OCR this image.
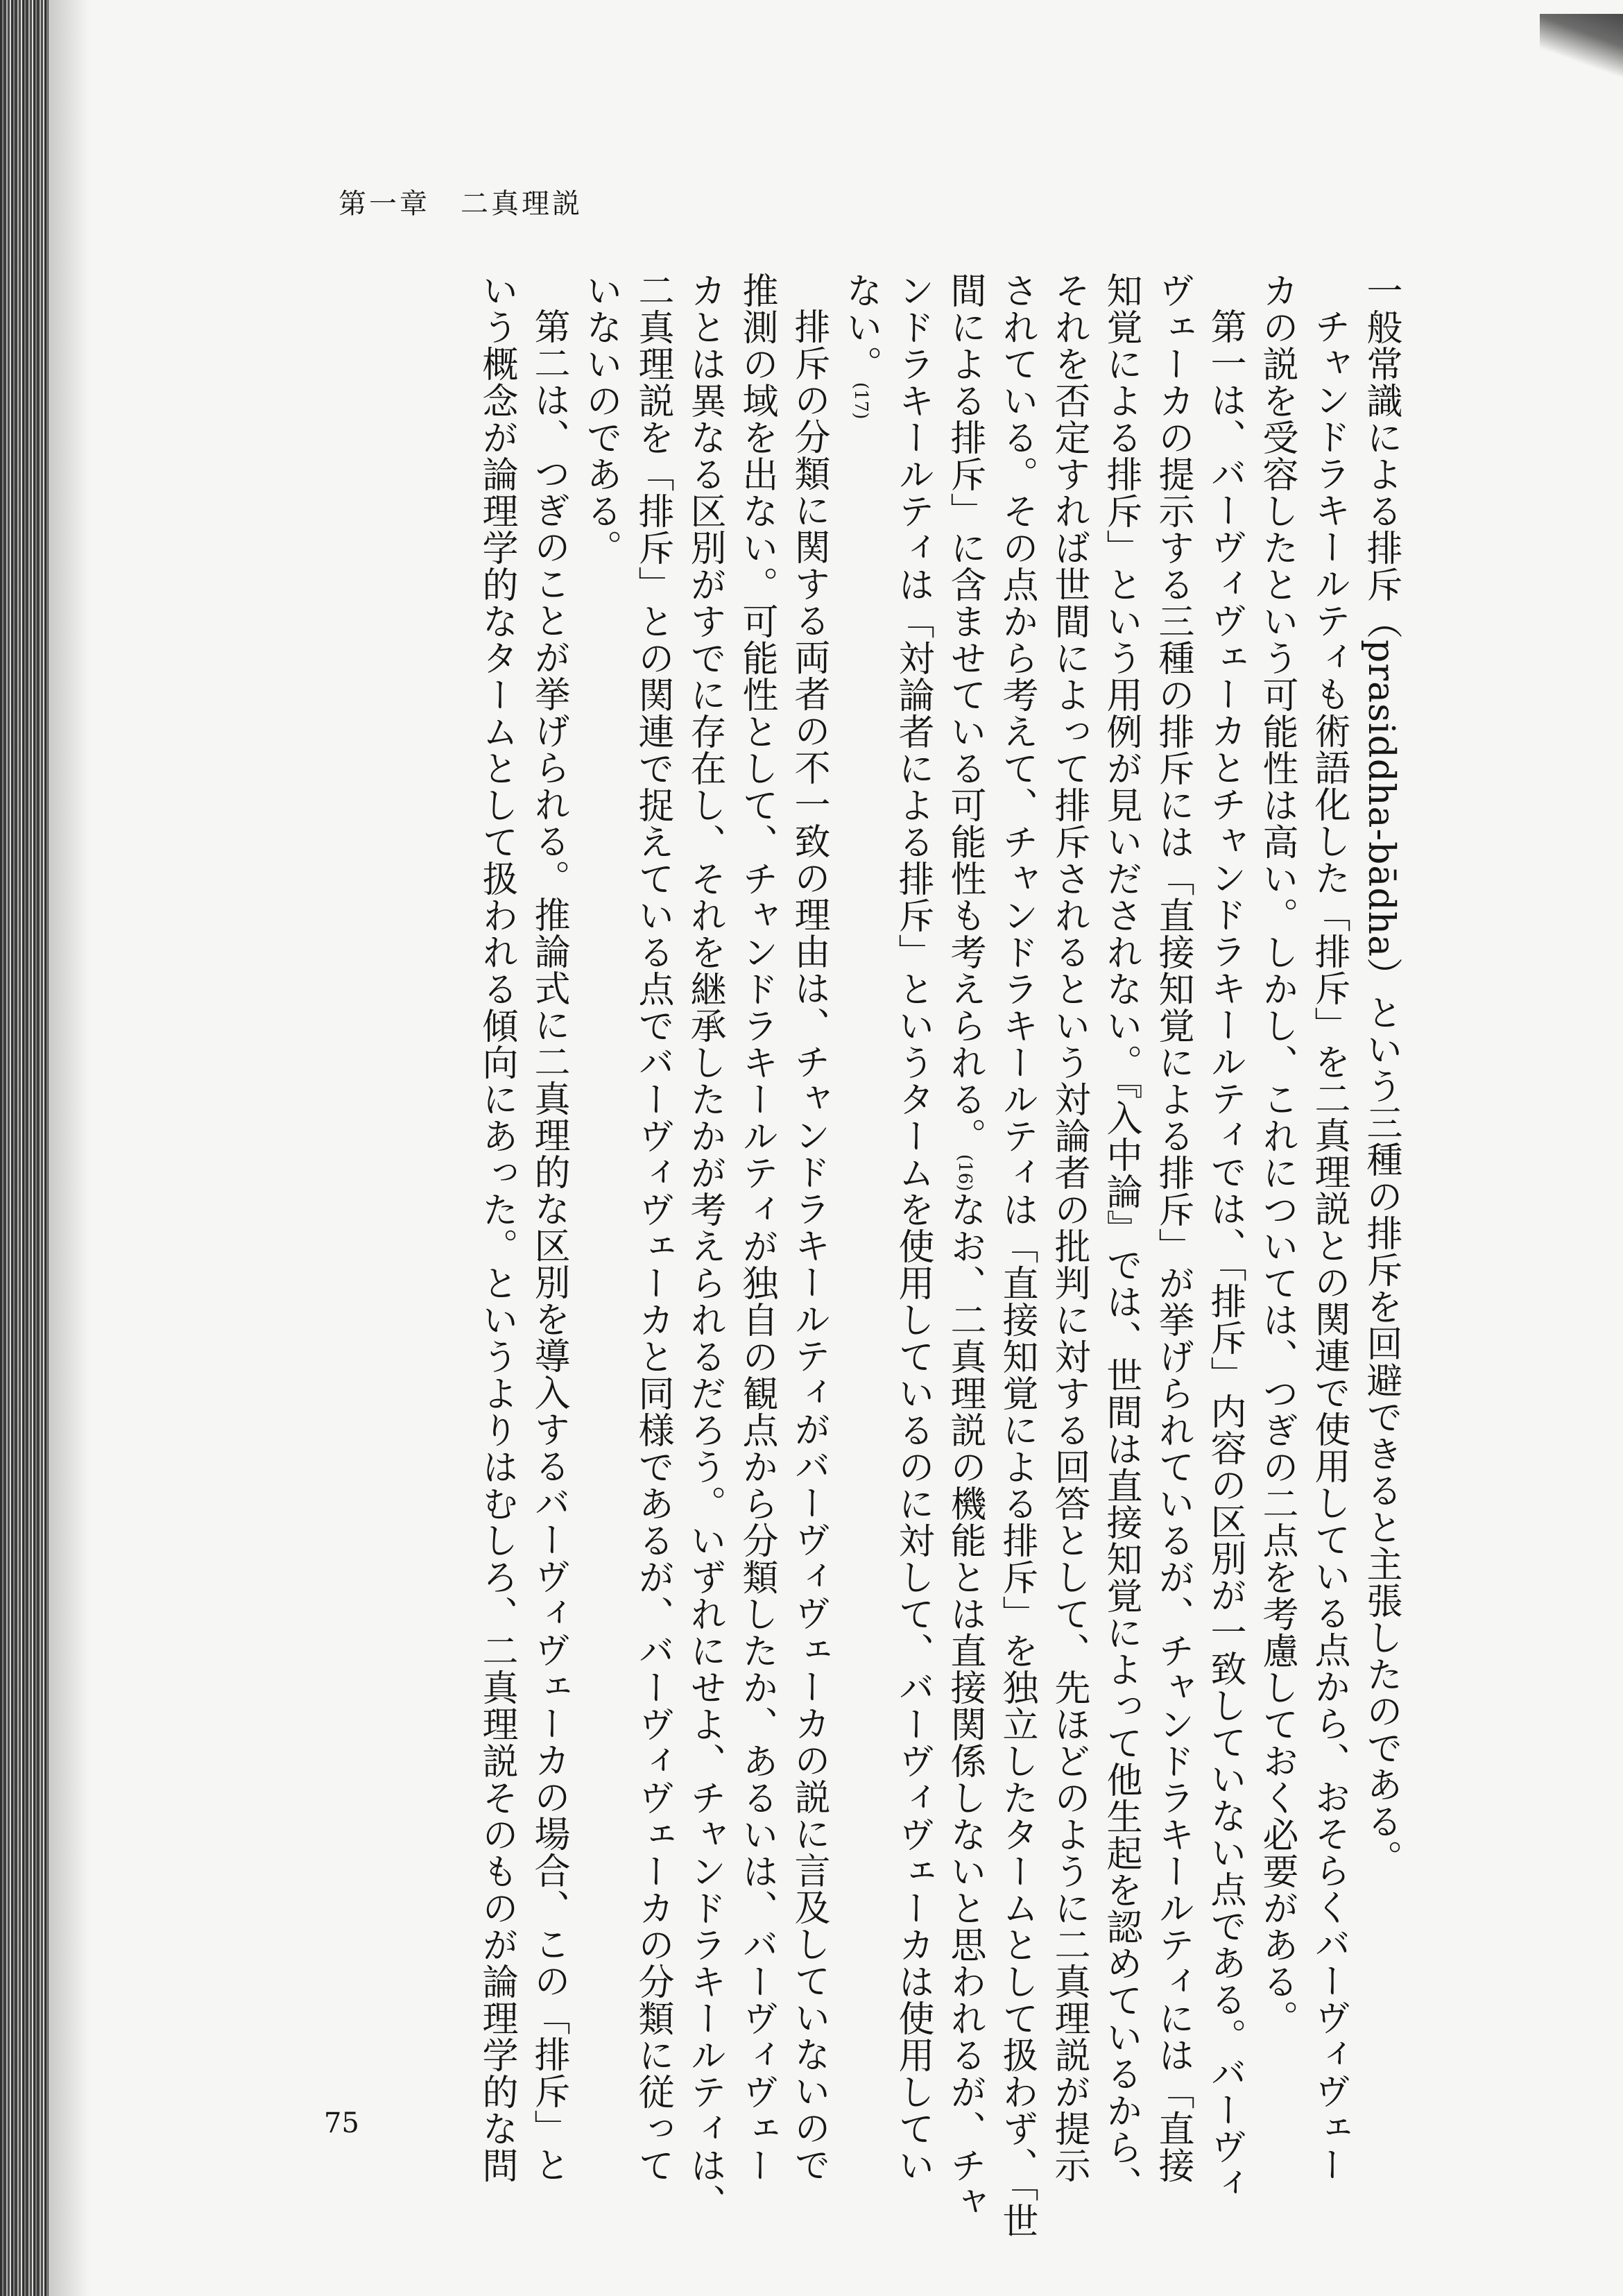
第一章　二真理説

一般常識による排斥（prasiddha-bādha）という三種の排斥を回避できると主張したのである。

チャンドラキールティも術語化した「排斥」を二真理説との関連で使用している点から、おそらくバーヴィヴェー

カの説を受容したという可能性は高い。しかし、これについては、つぎの二点を考慮しておく必要がある。

第一は、バーヴィヴェーカとチャンドラキールティでは、「排斥」内容の区別が一致していない点である。バーヴィ

ヴェーカの提示する三種の排斥には「直接知覚による排斥」が挙げられているが、チャンドラキールティには「直接

知覚による排斥」という用例が見いだされない。『入中論』では、世間は直接知覚によって他生起を認めているから、

それを否定すれば世間によって排斥されるという対論者の批判に対する回答として、先ほどのように二真理説が提示

されている。その点から考えて、チャンドラキールティは「直接知覚による排斥」を独立したタームとして扱わず、「世

間による排斥」に含ませている可能性も考えられる。(16)なお、二真理説の機能とは直接関係しないと思われるが、チャ

ンドラキールティは「対論者による排斥」というタームを使用しているのに対して、バーヴィヴェーカは使用してい

ない。(17)

排斥の分類に関する両者の不一致の理由は、チャンドラキールティがバーヴィヴェーカの説に言及していないので

推測の域を出ない。可能性として、チャンドラキールティが独自の観点から分類したか、あるいは、バーヴィヴェー

カとは異なる区別がすでに存在し、それを継承したかが考えられるだろう。いずれにせよ、チャンドラキールティは、

二真理説を「排斥」との関連で捉えている点でバーヴィヴェーカと同様であるが、バーヴィヴェーカの分類に従って

いないのである。

第二は、つぎのことが挙げられる。推論式に二真理的な区別を導入するバーヴィヴェーカの場合、この「排斥」と

いう概念が論理学的なタームとして扱われる傾向にあった。というよりはむしろ、二真理説そのものが論理学的な問

75
